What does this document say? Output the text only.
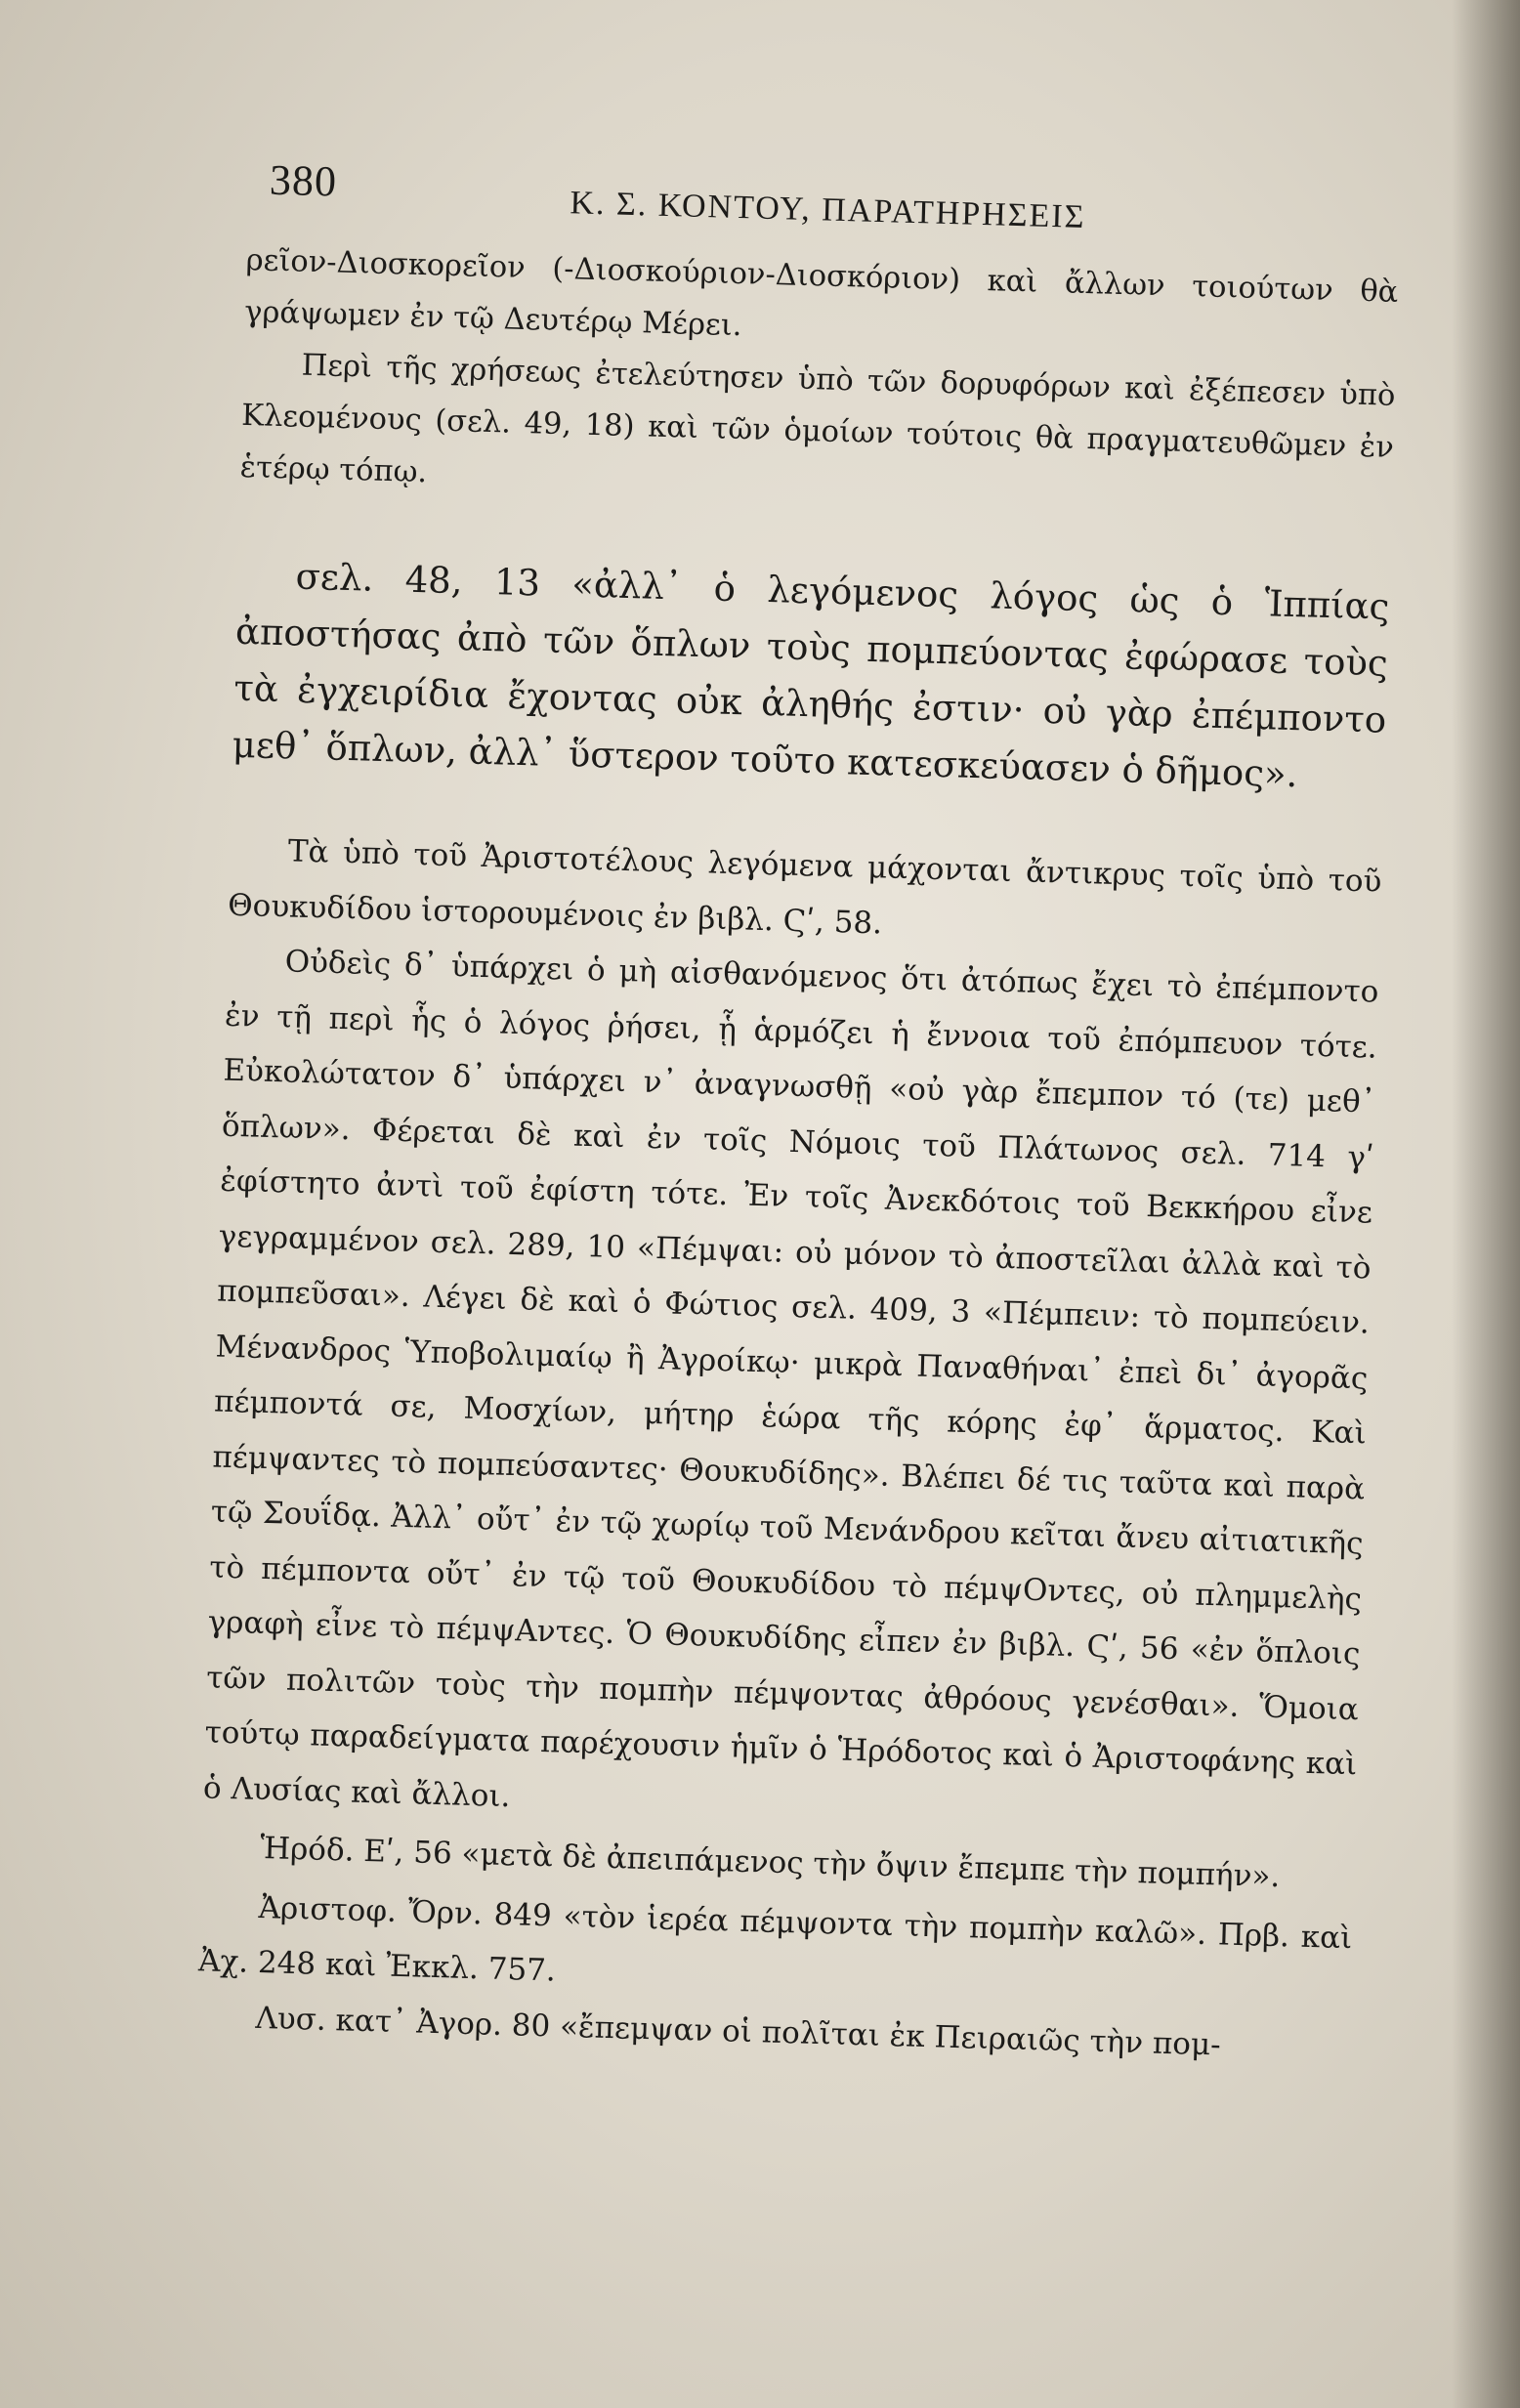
380
Κ. Σ. ΚΟΝΤΟΥ, ΠΑΡΑΤΗΡΗΣΕΙΣ

ρεῖον-Διοσκορεῖον (-Διοσκούριον-Διοσκόριον) καὶ ἄλλων τοιούτων θὰ γράψωμεν ἐν τῷ Δευτέρῳ Μέρει.

Περὶ τῆς χρήσεως ἐτελεύτησεν ὑπὸ τῶν δορυφόρων καὶ ἐξέπεσεν ὑπὸ Κλεομένους (σελ. 49, 18) καὶ τῶν ὁμοίων τούτοις θὰ πραγματευθῶμεν ἐν ἑτέρῳ τόπῳ.

σελ. 48, 13 «ἀλλ᾽ ὁ λεγόμενος λόγος ὡς ὁ Ἱππίας ἀποστήσας ἀπὸ τῶν ὅπλων τοὺς πομπεύοντας ἐφώρασε τοὺς τὰ ἐγχειρίδια ἔχοντας οὐκ ἀληθής ἐστιν· οὐ γὰρ ἐπέμποντο μεθ᾽ ὅπλων, ἀλλ᾽ ὕστερον τοῦτο κατεσκεύασεν ὁ δῆμος».

Τὰ ὑπὸ τοῦ Ἀριστοτέλους λεγόμενα μάχονται ἄντικρυς τοῖς ὑπὸ τοῦ Θουκυδίδου ἱστορουμένοις ἐν βιβλ. Ϛʹ, 58.

Οὐδεὶς δ᾽ ὑπάρχει ὁ μὴ αἰσθανόμενος ὅτι ἀτόπως ἔχει τὸ ἐπέμποντο ἐν τῇ περὶ ἧς ὁ λόγος ῥήσει, ᾗ ἁρμόζει ἡ ἔννοια τοῦ ἐπόμπευον τότε. Εὐκολώτατον δ᾽ ὑπάρχει ν᾽ ἀναγνωσθῇ «οὐ γὰρ ἔπεμπον τό (τε) μεθ᾽ ὅπλων». Φέρεται δὲ καὶ ἐν τοῖς Νόμοις τοῦ Πλάτωνος σελ. 714 γʹ ἐφίστητο ἀντὶ τοῦ ἐφίστη τότε. Ἐν τοῖς Ἀνεκδότοις τοῦ Βεκκήρου εἶνε γεγραμμένον σελ. 289, 10 «Πέμψαι: οὐ μόνον τὸ ἀποστεῖλαι ἀλλὰ καὶ τὸ πομπεῦσαι». Λέγει δὲ καὶ ὁ Φώτιος σελ. 409, 3 «Πέμπειν: τὸ πομπεύειν. Μένανδρος Ὑποβολιμαίῳ ἢ Ἀγροίκῳ· μικρὰ Παναθήναι᾽ ἐπεὶ δι᾽ ἀγορᾶς πέμποντά σε, Μοσχίων, μήτηρ ἑώρα τῆς κόρης ἐφ᾽ ἅρματος. Καὶ πέμψαντες τὸ πομπεύσαντες· Θουκυδίδης». Βλέπει δέ τις ταῦτα καὶ παρὰ τῷ Σουΐδᾳ. Ἀλλ᾽ οὔτ᾽ ἐν τῷ χωρίῳ τοῦ Μενάνδρου κεῖται ἄνευ αἰτιατικῆς τὸ πέμποντα οὔτ᾽ ἐν τῷ τοῦ Θουκυδίδου τὸ πέμψΟντες, οὐ πλημμελὴς γραφὴ εἶνε τὸ πέμψΑντες. Ὁ Θουκυδίδης εἶπεν ἐν βιβλ. Ϛʹ, 56 «ἐν ὅπλοις τῶν πολιτῶν τοὺς τὴν πομπὴν πέμψοντας ἀθρόους γενέσθαι». Ὅμοια τούτῳ παραδείγματα παρέχουσιν ἡμῖν ὁ Ἡρόδοτος καὶ ὁ Ἀριστοφάνης καὶ ὁ Λυσίας καὶ ἄλλοι.

Ἡρόδ. Εʹ, 56 «μετὰ δὲ ἀπειπάμενος τὴν ὄψιν ἔπεμπε τὴν πομπήν».

Ἀριστοφ. Ὄρν. 849 «τὸν ἱερέα πέμψοντα τὴν πομπὴν καλῶ». Πρβ. καὶ Ἀχ. 248 καὶ Ἐκκλ. 757.

Λυσ. κατ᾽ Ἀγορ. 80 «ἔπεμψαν οἱ πολῖται ἐκ Πειραιῶς τὴν πομ-
